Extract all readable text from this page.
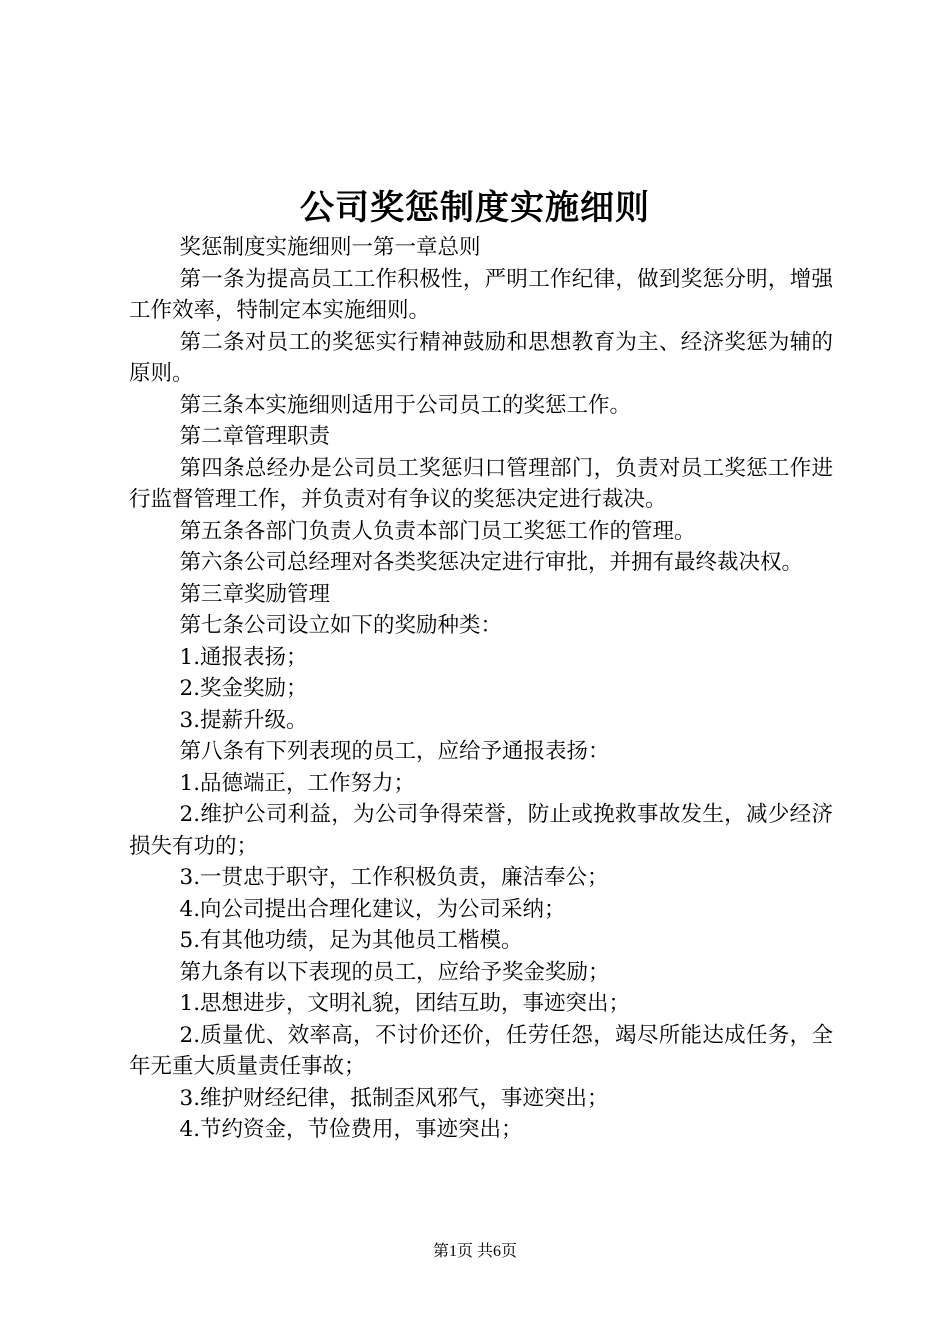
公司奖惩制度实施细则

奖惩制度实施细则一第一章总则

第一条为提高员工工作积极性，严明工作纪律，做到奖惩分明，增强工作效率，特制定本实施细则。

第二条对员工的奖惩实行精神鼓励和思想教育为主、经济奖惩为辅的原则。

第三条本实施细则适用于公司员工的奖惩工作。

第二章管理职责

第四条总经办是公司员工奖惩归口管理部门，负责对员工奖惩工作进行监督管理工作，并负责对有争议的奖惩决定进行裁决。

第五条各部门负责人负责本部门员工奖惩工作的管理。

第六条公司总经理对各类奖惩决定进行审批，并拥有最终裁决权。

第三章奖励管理

第七条公司设立如下的奖励种类：

1.通报表扬；

2.奖金奖励；

3.提薪升级。

第八条有下列表现的员工，应给予通报表扬：

1.品德端正，工作努力；

2.维护公司利益，为公司争得荣誉，防止或挽救事故发生，减少经济损失有功的；

3.一贯忠于职守，工作积极负责，廉洁奉公；

4.向公司提出合理化建议，为公司采纳；

5.有其他功绩，足为其他员工楷模。

第九条有以下表现的员工，应给予奖金奖励；

1.思想进步，文明礼貌，团结互助，事迹突出；

2.质量优、效率高，不讨价还价，任劳任怨，竭尽所能达成任务，全年无重大质量责任事故；

3.维护财经纪律，抵制歪风邪气，事迹突出；

4.节约资金，节俭费用，事迹突出；

第1页 共6页
